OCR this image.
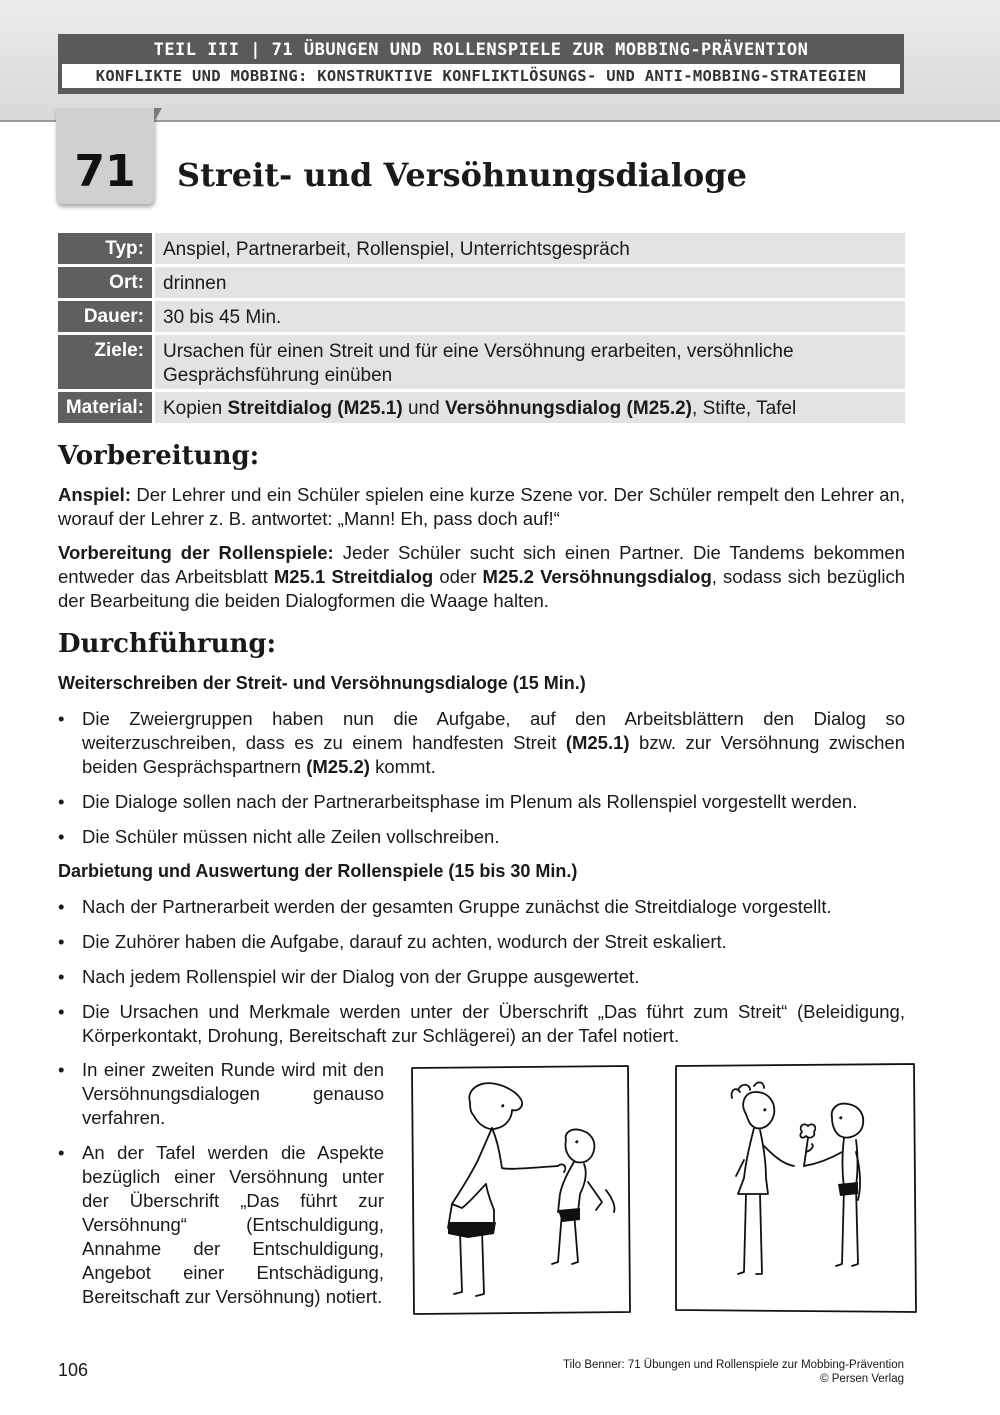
TEIL III | 71 ÜBUNGEN UND ROLLENSPIELE ZUR MOBBING-PRÄVENTION
KONFLIKTE UND MOBBING: KONSTRUKTIVE KONFLIKTLÖSUNGS- UND ANTI-MOBBING-STRATEGIEN
71	Streit- und Versöhnungsdialoge
Typ:	Anspiel, Partnerarbeit, Rollenspiel, Unterrichtsgespräch
Ort:	drinnen
Dauer:	30 bis 45 Min.
Ziele:	Ursachen für einen Streit und für eine Versöhnung erarbeiten, versöhnliche Gesprächsführung einüben
Material:	Kopien Streitdialog (M25.1) und Versöhnungsdialog (M25.2), Stifte, Tafel
Vorbereitung:
Anspiel: Der Lehrer und ein Schüler spielen eine kurze Szene vor. Der Schüler rempelt den Lehrer an, worauf der Lehrer z. B. antwortet: „Mann! Eh, pass doch auf!“
Vorbereitung der Rollenspiele: Jeder Schüler sucht sich einen Partner. Die Tandems bekommen entweder das Arbeitsblatt M25.1 Streitdialog oder M25.2 Versöhnungsdialog, sodass sich bezüglich der Bearbeitung die beiden Dialogformen die Waage halten.
Durchführung:
Weiterschreiben der Streit- und Versöhnungsdialoge (15 Min.)
• Die Zweiergruppen haben nun die Aufgabe, auf den Arbeitsblättern den Dialog so weiterzuschreiben, dass es zu einem handfesten Streit (M25.1) bzw. zur Versöhnung zwischen beiden Gesprächspartnern (M25.2) kommt.
• Die Dialoge sollen nach der Partnerarbeitsphase im Plenum als Rollenspiel vorgestellt werden.
• Die Schüler müssen nicht alle Zeilen vollschreiben.
Darbietung und Auswertung der Rollenspiele (15 bis 30 Min.)
• Nach der Partnerarbeit werden der gesamten Gruppe zunächst die Streitdialoge vorgestellt.
• Die Zuhörer haben die Aufgabe, darauf zu achten, wodurch der Streit eskaliert.
• Nach jedem Rollenspiel wir der Dialog von der Gruppe ausgewertet.
• Die Ursachen und Merkmale werden unter der Überschrift „Das führt zum Streit“ (Beleidigung, Körperkontakt, Drohung, Bereitschaft zur Schlägerei) an der Tafel notiert.
• In einer zweiten Runde wird mit den Versöhnungsdialogen genauso verfahren.
• An der Tafel werden die Aspekte bezüglich einer Versöhnung unter der Überschrift „Das führt zur Versöhnung“ (Entschuldigung, Annahme der Entschuldigung, Angebot einer Entschädigung, Bereitschaft zur Versöhnung) notiert.
106	Tilo Benner: 71 Übungen und Rollenspiele zur Mobbing-Prävention
© Persen Verlag
